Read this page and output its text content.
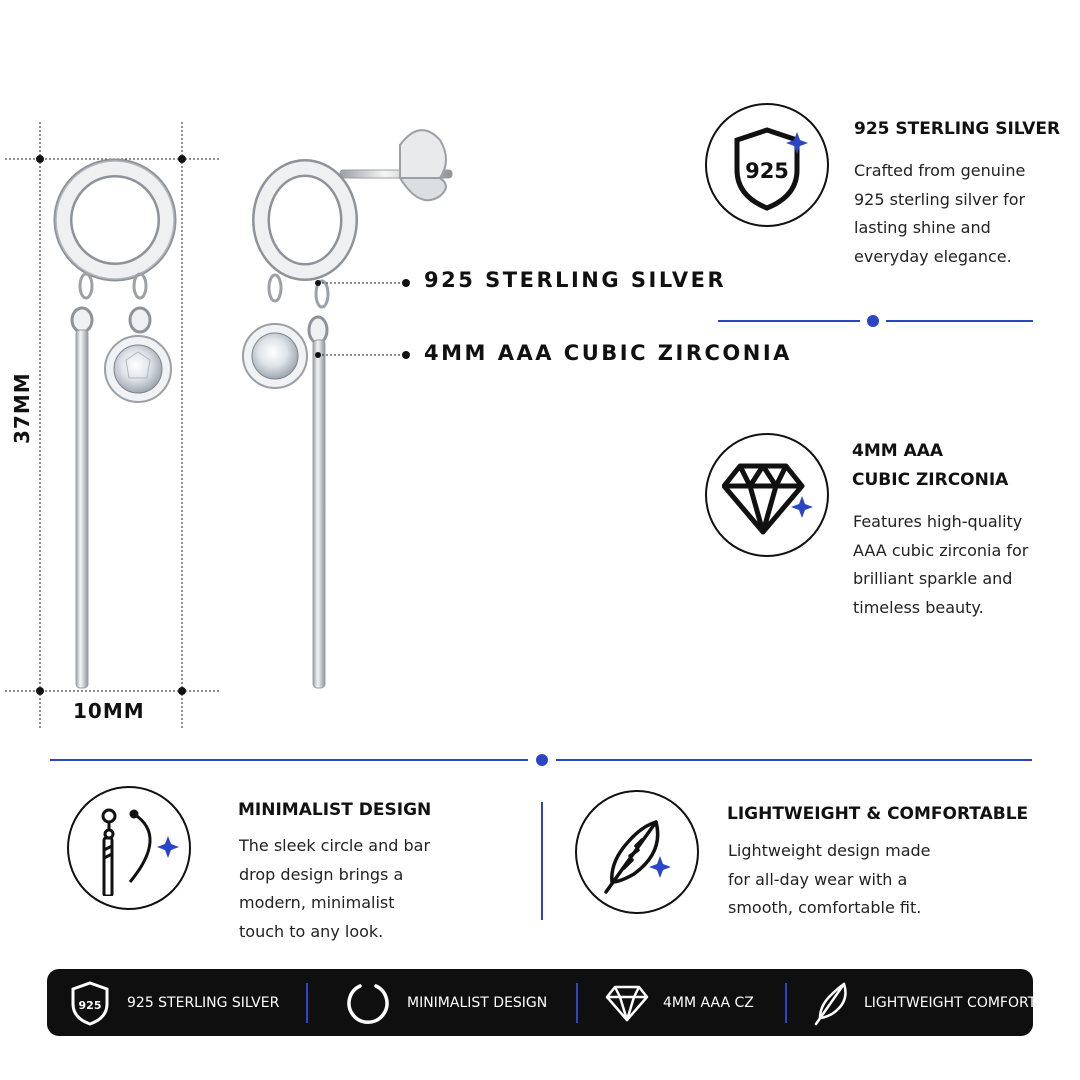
37MM
10MM
925 STERLING SILVER
4MM AAA CUBIC ZIRCONIA
925
925 STERLING SILVER
Crafted from genuine 925 sterling silver for lasting shine and everyday elegance.
4MM AAA
CUBIC ZIRCONIA
Features high-quality AAA cubic zirconia for brilliant sparkle and timeless beauty.
MINIMALIST DESIGN
The sleek circle and bar drop design brings a modern, minimalist touch to any look.
LIGHTWEIGHT & COMFORTABLE
Lightweight design made for all-day wear with a smooth, comfortable fit.
925 925 STERLING SILVER	MINIMALIST DESIGN	4MM AAA CZ	LIGHTWEIGHT COMFORT
